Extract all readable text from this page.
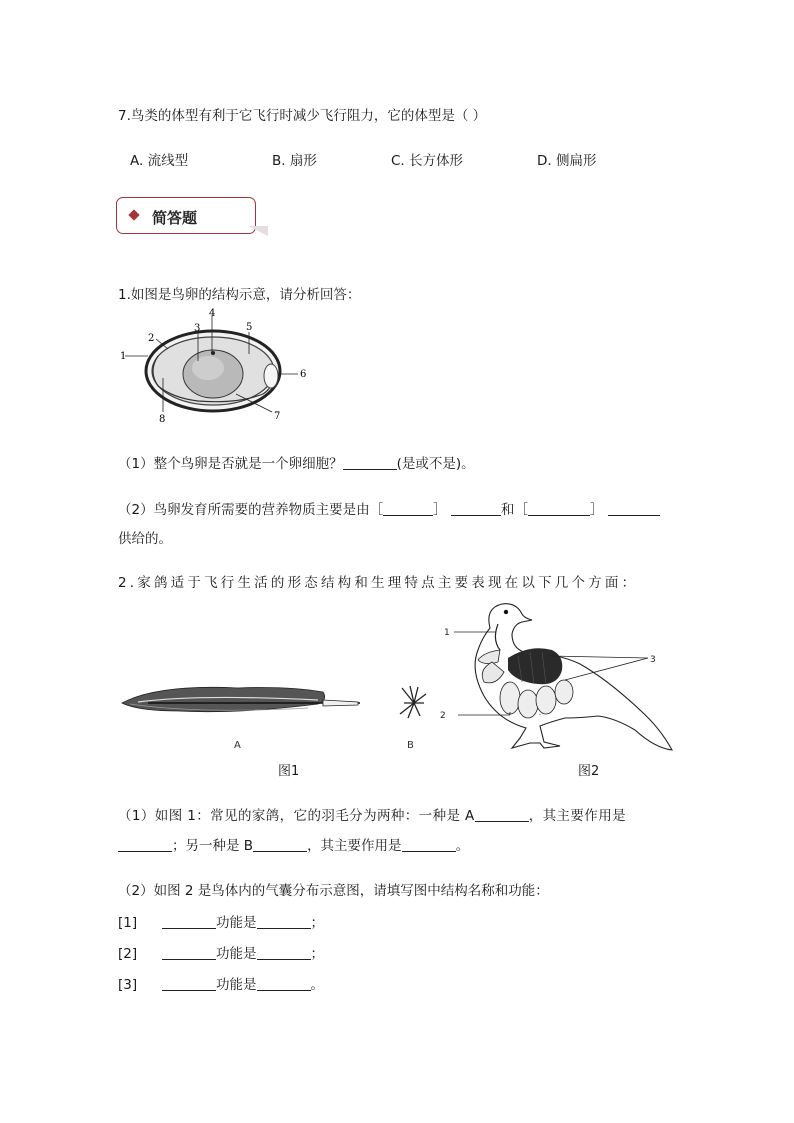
7.鸟类的体型有利于它飞行时减少飞行阻力，它的体型是（ ）
A. 流线型	B. 扇形	C. 长方体形	D. 侧扁形
简答题
1.如图是鸟卵的结构示意，请分析回答：
1
2
3
4
5
6
7
8
（1）整个鸟卵是否就是一个卵细胞？	(是或不是)。
（2）鸟卵发育所需要的营养物质主要是由［	］	和［	］
供给的。
2.家鸽适于飞行生活的形态结构和生理特点主要表现在以下几个方面：
A	B
图1
1
2
3
图2
（1）如图 1：常见的家鸽，它的羽毛分为两种：一种是 A	，其主要作用是
；另一种是 B	，其主要作用是	。
（2）如图 2 是鸟体内的气囊分布示意图，请填写图中结构名称和功能：
[1]	功能是	；
[2]	功能是	；
[3]	功能是	。
